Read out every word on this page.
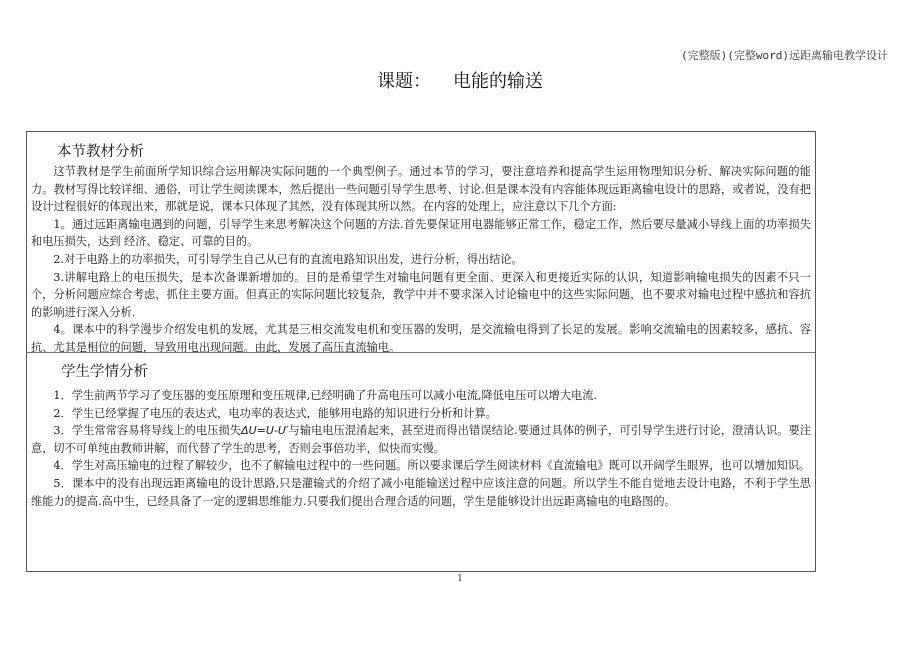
(完整版)(完整word)远距离输电教学设计
课题： 电能的输送
本节教材分析

这节教材是学生前面所学知识综合运用解决实际问题的一个典型例子。通过本节的学习，要注意培养和提高学生运用物理知识分析、解决实际问题的能力。教材写得比较详细、通俗，可让学生阅读课本，然后提出一些问题引导学生思考、讨论.但是课本没有内容能体现远距离输电设计的思路，或者说，没有把设计过程很好的体现出来，那就是说，课本只体现了其然，没有体现其所以然。在内容的处理上，应注意以下几个方面:

1。通过远距离输电遇到的问题，引导学生来思考解决这个问题的方法.首先要保证用电器能够正常工作，稳定工作，然后要尽量减小导线上面的功率损失和电压损失，达到 经济、稳定、可靠的目的。

2.对于电路上的功率损失，可引导学生自己从已有的直流电路知识出发，进行分析，得出结论。

3.讲解电路上的电压损失，是本次备课新增加的。目的是希望学生对输电问题有更全面、更深入和更接近实际的认识，知道影响输电损失的因素不只一个，分析问题应综合考虑，抓住主要方面。但真正的实际问题比较复杂，教学中并不要求深入讨论输电中的这些实际问题，也不要求对输电过程中感抗和容抗的影响进行深入分析.

4。课本中的科学漫步介绍发电机的发展，尤其是三相交流发电机和变压器的发明，是交流输电得到了长足的发展。影响交流输电的因素较多，感抗、容抗、尤其是相位的问题，导致用电出现问题。由此，发展了高压直流输电。

学生学情分析

1．学生前两节学习了变压器的变压原理和变压规律,已经明确了升高电压可以减小电流,降低电压可以增大电流.

2．学生已经掌握了电压的表达式，电功率的表达式，能够用电路的知识进行分析和计算。

3．学生常常容易将导线上的电压损失ΔU=U-U′与输电电压混淆起来，甚至进而得出错误结论.要通过具体的例子，可引导学生进行讨论，澄清认识。要注意，切不可单纯由教师讲解，而代替了学生的思考，否则会事倍功半，似快而实慢。

4．学生对高压输电的过程了解较少，也不了解输电过程中的一些问题。所以要求课后学生阅读材料《直流输电》既可以开阔学生眼界，也可以增加知识。

5．课本中的没有出现远距离输电的设计思路,只是灌输式的介绍了减小电能输送过程中应该注意的问题。所以学生不能自觉地去设计电路，不利于学生思维能力的提高.高中生，已经具备了一定的逻辑思维能力.只要我们提出合理合适的问题，学生是能够设计出远距离输电的电路图的。

1
